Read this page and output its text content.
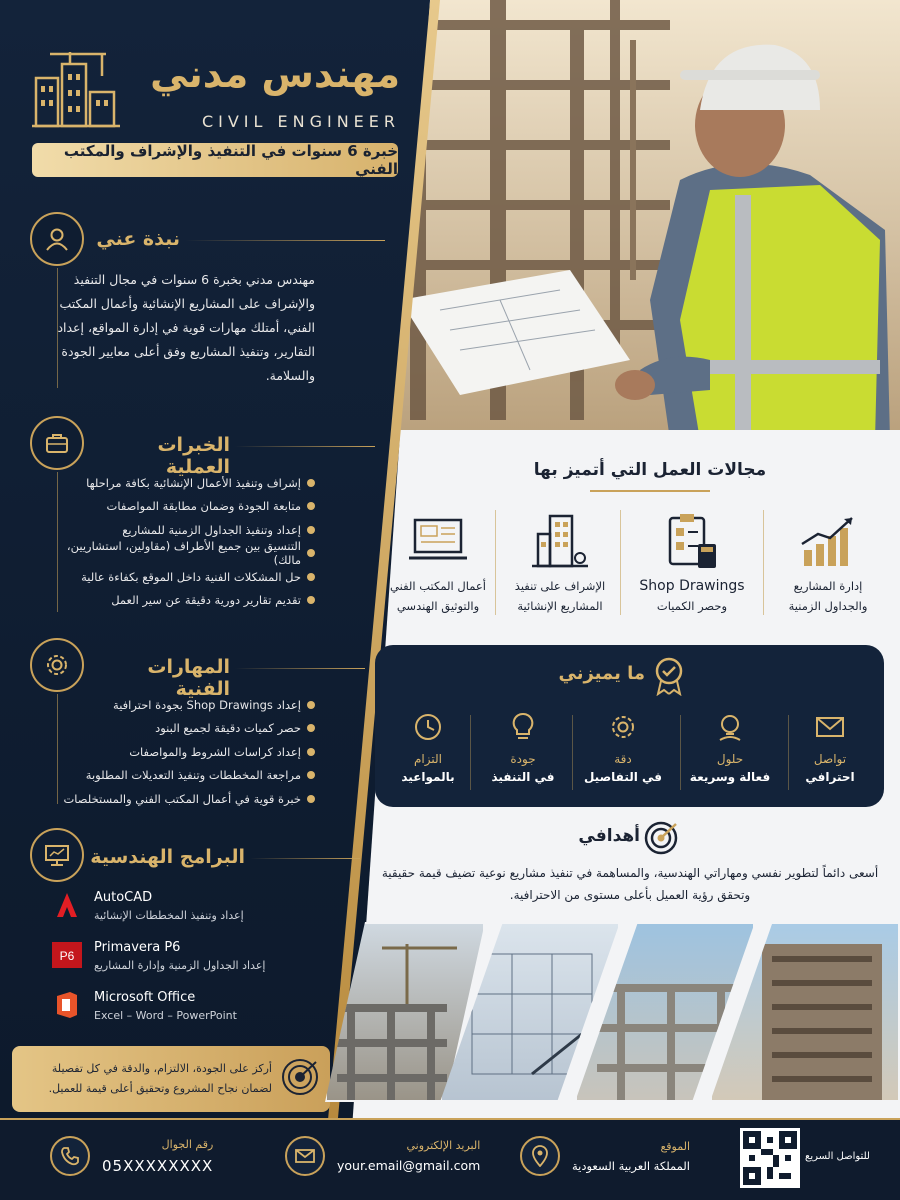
مهندس مدني
CIVIL ENGINEER
خبرة 6 سنوات في التنفيذ والإشراف والمكتب الفني
نبذة عني
مهندس مدني بخبرة 6 سنوات في مجال التنفيذ والإشراف على المشاريع الإنشائية وأعمال المكتب الفني، أمتلك مهارات قوية في إدارة المواقع، إعداد التقارير، وتنفيذ المشاريع وفق أعلى معايير الجودة والسلامة.
الخبرات العملية
إشراف وتنفيذ الأعمال الإنشائية بكافة مراحلها
متابعة الجودة وضمان مطابقة المواصفات
إعداد وتنفيذ الجداول الزمنية للمشاريع
التنسيق بين جميع الأطراف (مقاولين، استشاريين، مالك)
حل المشكلات الفنية داخل الموقع بكفاءة عالية
تقديم تقارير دورية دقيقة عن سير العمل
المهارات الفنية
إعداد Shop Drawings بجودة احترافية
حصر كميات دقيقة لجميع البنود
إعداد كراسات الشروط والمواصفات
مراجعة المخططات وتنفيذ التعديلات المطلوبة
خبرة قوية في أعمال المكتب الفني والمستخلصات
البرامج الهندسية
AutoCAD
إعداد وتنفيذ المخططات الإنشائية
P6
Primavera P6
إعداد الجداول الزمنية وإدارة المشاريع
Microsoft Office
Excel – Word – PowerPoint
أركز على الجودة، الالتزام، والدقة في كل تفصيلة لضمان نجاح المشروع وتحقيق أعلى قيمة للعميل.
مجالات العمل التي أتميز بها
إدارة المشاريع
والجداول الزمنية
Shop Drawings
وحصر الكميات
الإشراف على تنفيذ
المشاريع الإنشائية
أعمال المكتب الفني
والتوثيق الهندسي
ما يميزني
تواصل
احترافي
حلول
فعالة وسريعة
دقة
في التفاصيل
جودة
في التنفيذ
التزام
بالمواعيد
أهدافي
أسعى دائماً لتطوير نفسي ومهاراتي الهندسية، والمساهمة في تنفيذ مشاريع نوعية تضيف قيمة حقيقية وتحقق رؤية العميل بأعلى مستوى من الاحترافية.
رقم الجوال
05XXXXXXXX
البريد الإلكتروني
your.email@gmail.com
الموقع
المملكة العربية السعودية
للتواصل السريع
